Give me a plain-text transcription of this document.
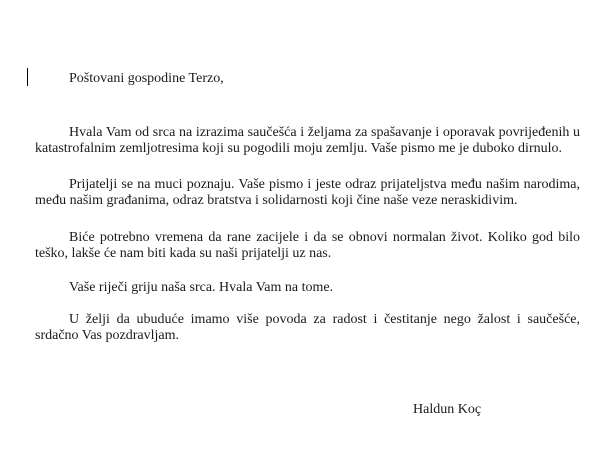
Poštovani gospodine Terzo,

Hvala Vam od srca na izrazima saučešća i željama za spašavanje i oporavak povrijeđenih u katastrofalnim zemljotresima koji su pogodili moju zemlju. Vaše pismo me je duboko dirnulo.

Prijatelji se na muci poznaju. Vaše pismo i jeste odraz prijateljstva među našim narodima, među našim građanima, odraz bratstva i solidarnosti koji čine naše veze neraskidivim.

Biće potrebno vremena da rane zacijele i da se obnovi normalan život. Koliko god bilo teško, lakše će nam biti kada su naši prijatelji uz nas.

Vaše riječi griju naša srca. Hvala Vam na tome.

U želji da ubuduće imamo više povoda za radost i čestitanje nego žalost i saučešće, srdačno Vas pozdravljam.

Haldun Koç
